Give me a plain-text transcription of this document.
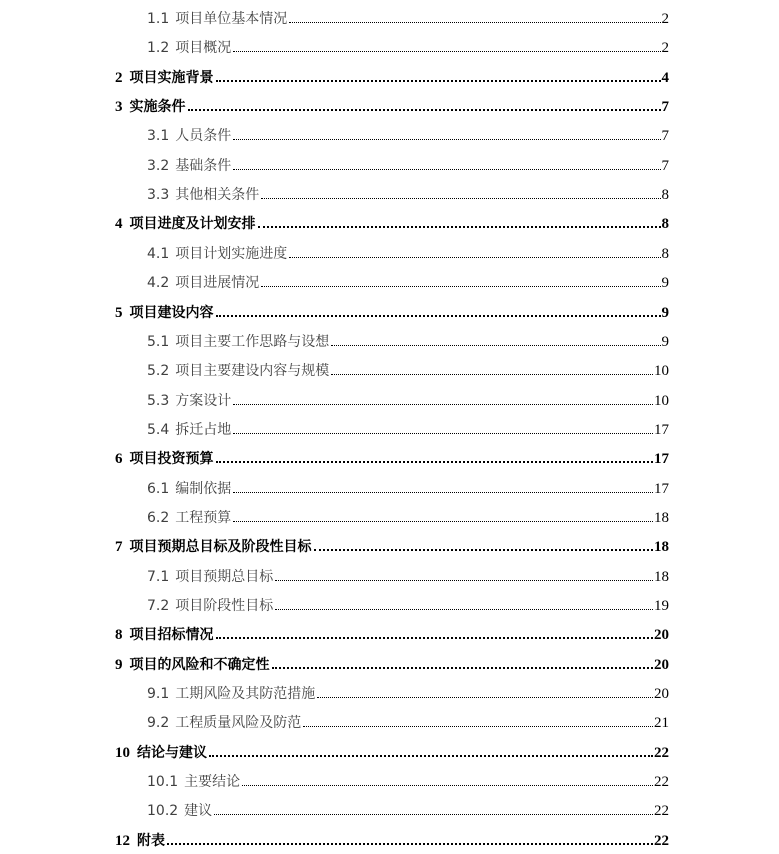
1.1 项目单位基本情况	2
1.2 项目概况	2
2 项目实施背景	4
3 实施条件	7
3.1 人员条件	7
3.2 基础条件	7
3.3 其他相关条件	8
4 项目进度及计划安排	8
4.1 项目计划实施进度	8
4.2 项目进展情况	9
5 项目建设内容	9
5.1 项目主要工作思路与设想	9
5.2 项目主要建设内容与规模	10
5.3 方案设计	10
5.4 拆迁占地	17
6 项目投资预算	17
6.1 编制依据	17
6.2 工程预算	18
7 项目预期总目标及阶段性目标	18
7.1 项目预期总目标	18
7.2 项目阶段性目标	19
8 项目招标情况	20
9 项目的风险和不确定性	20
9.1 工期风险及其防范措施	20
9.2 工程质量风险及防范	21
10 结论与建议	22
10.1 主要结论	22
10.2 建议	22
12 附表	22
